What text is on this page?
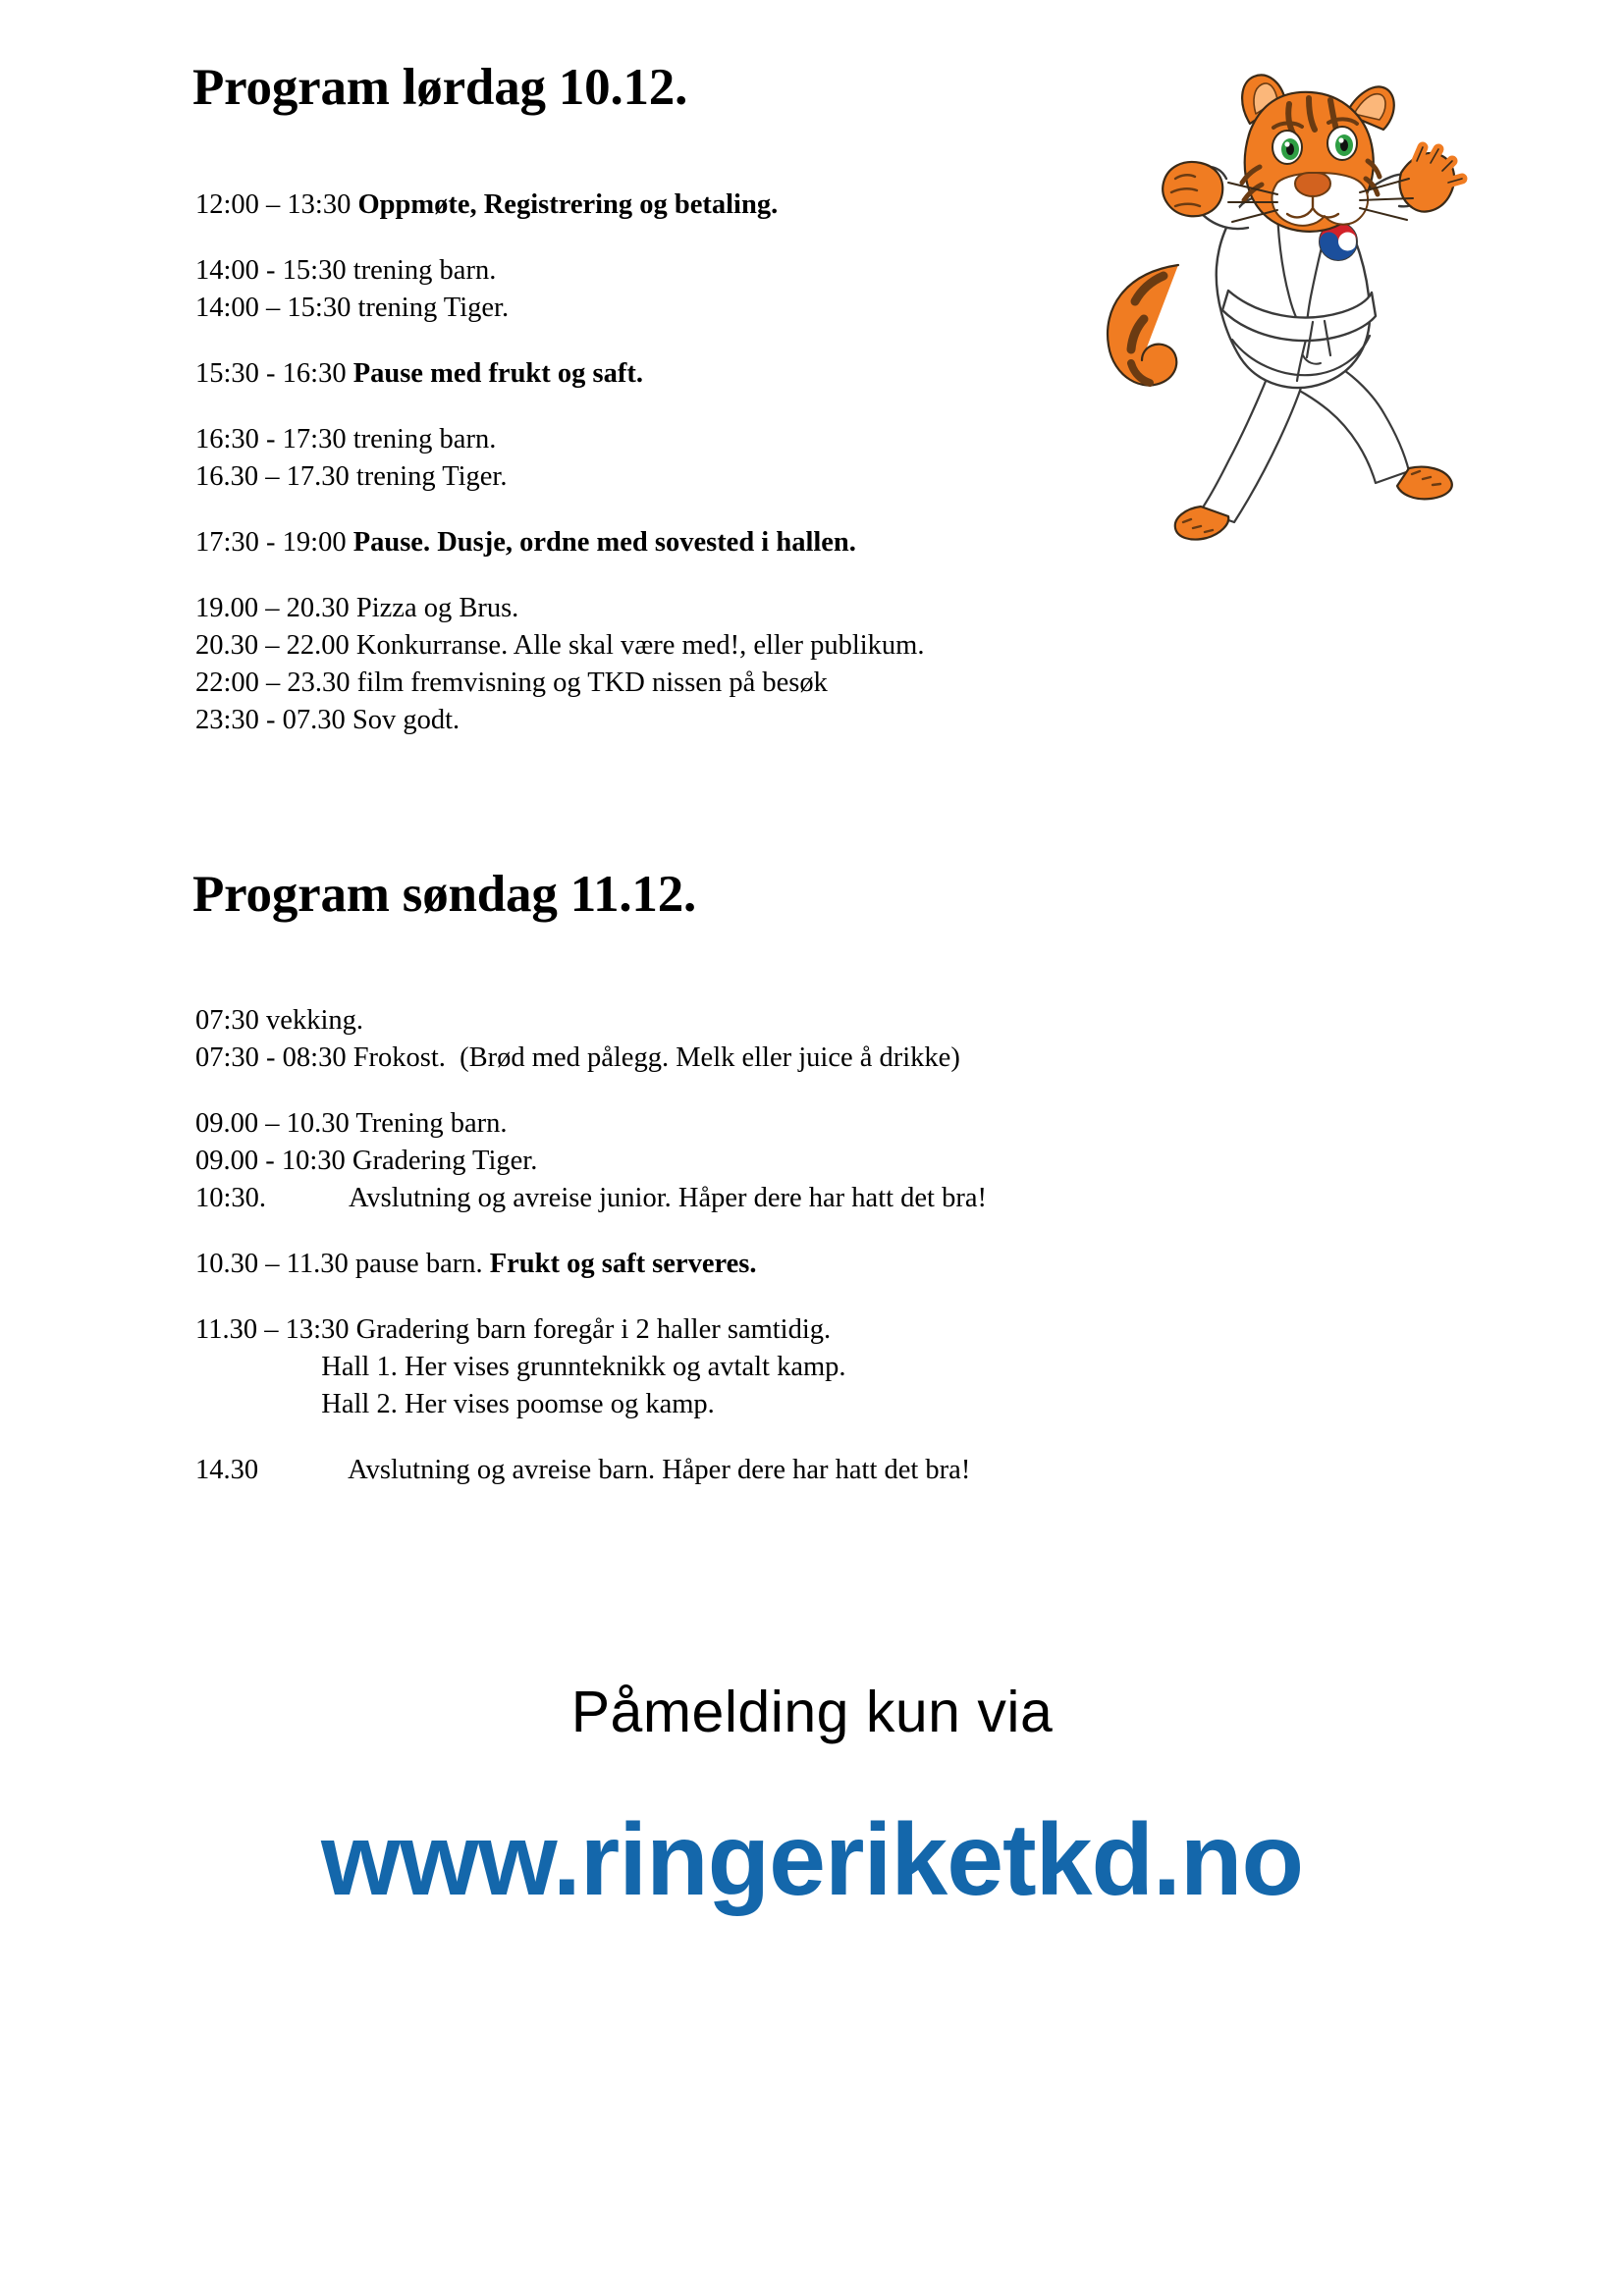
Program lørdag 10.12.
12:00 – 13:30 Oppmøte, Registrering og betaling.
14:00 - 15:30 trening barn.
14:00 – 15:30 trening Tiger.
15:30 - 16:30 Pause med frukt og saft.
16:30 - 17:30 trening barn.
16.30 – 17.30 trening Tiger.
17:30 - 19:00 Pause. Dusje, ordne med sovested i hallen.
19.00 – 20.30 Pizza og Brus.
20.30 – 22.00 Konkurranse. Alle skal være med!, eller publikum.
22:00 – 23.30 film fremvisning og TKD nissen på besøk
23:30 - 07.30 Sov godt.
Program søndag 11.12.
07:30 vekking.
07:30 - 08:30 Frokost.  (Brød med pålegg. Melk eller juice å drikke)
09.00 – 10.30 Trening barn.
09.00 - 10:30 Gradering Tiger.
10:30.            Avslutning og avreise junior. Håper dere har hatt det bra!
10.30 – 11.30 pause barn. Frukt og saft serveres.
11.30 – 13:30 Gradering barn foregår i 2 haller samtidig.
Hall 1. Her vises grunnteknikk og avtalt kamp.
Hall 2. Her vises poomse og kamp.
14.30             Avslutning og avreise barn. Håper dere har hatt det bra!
Påmelding kun via
www.ringeriketkd.no
